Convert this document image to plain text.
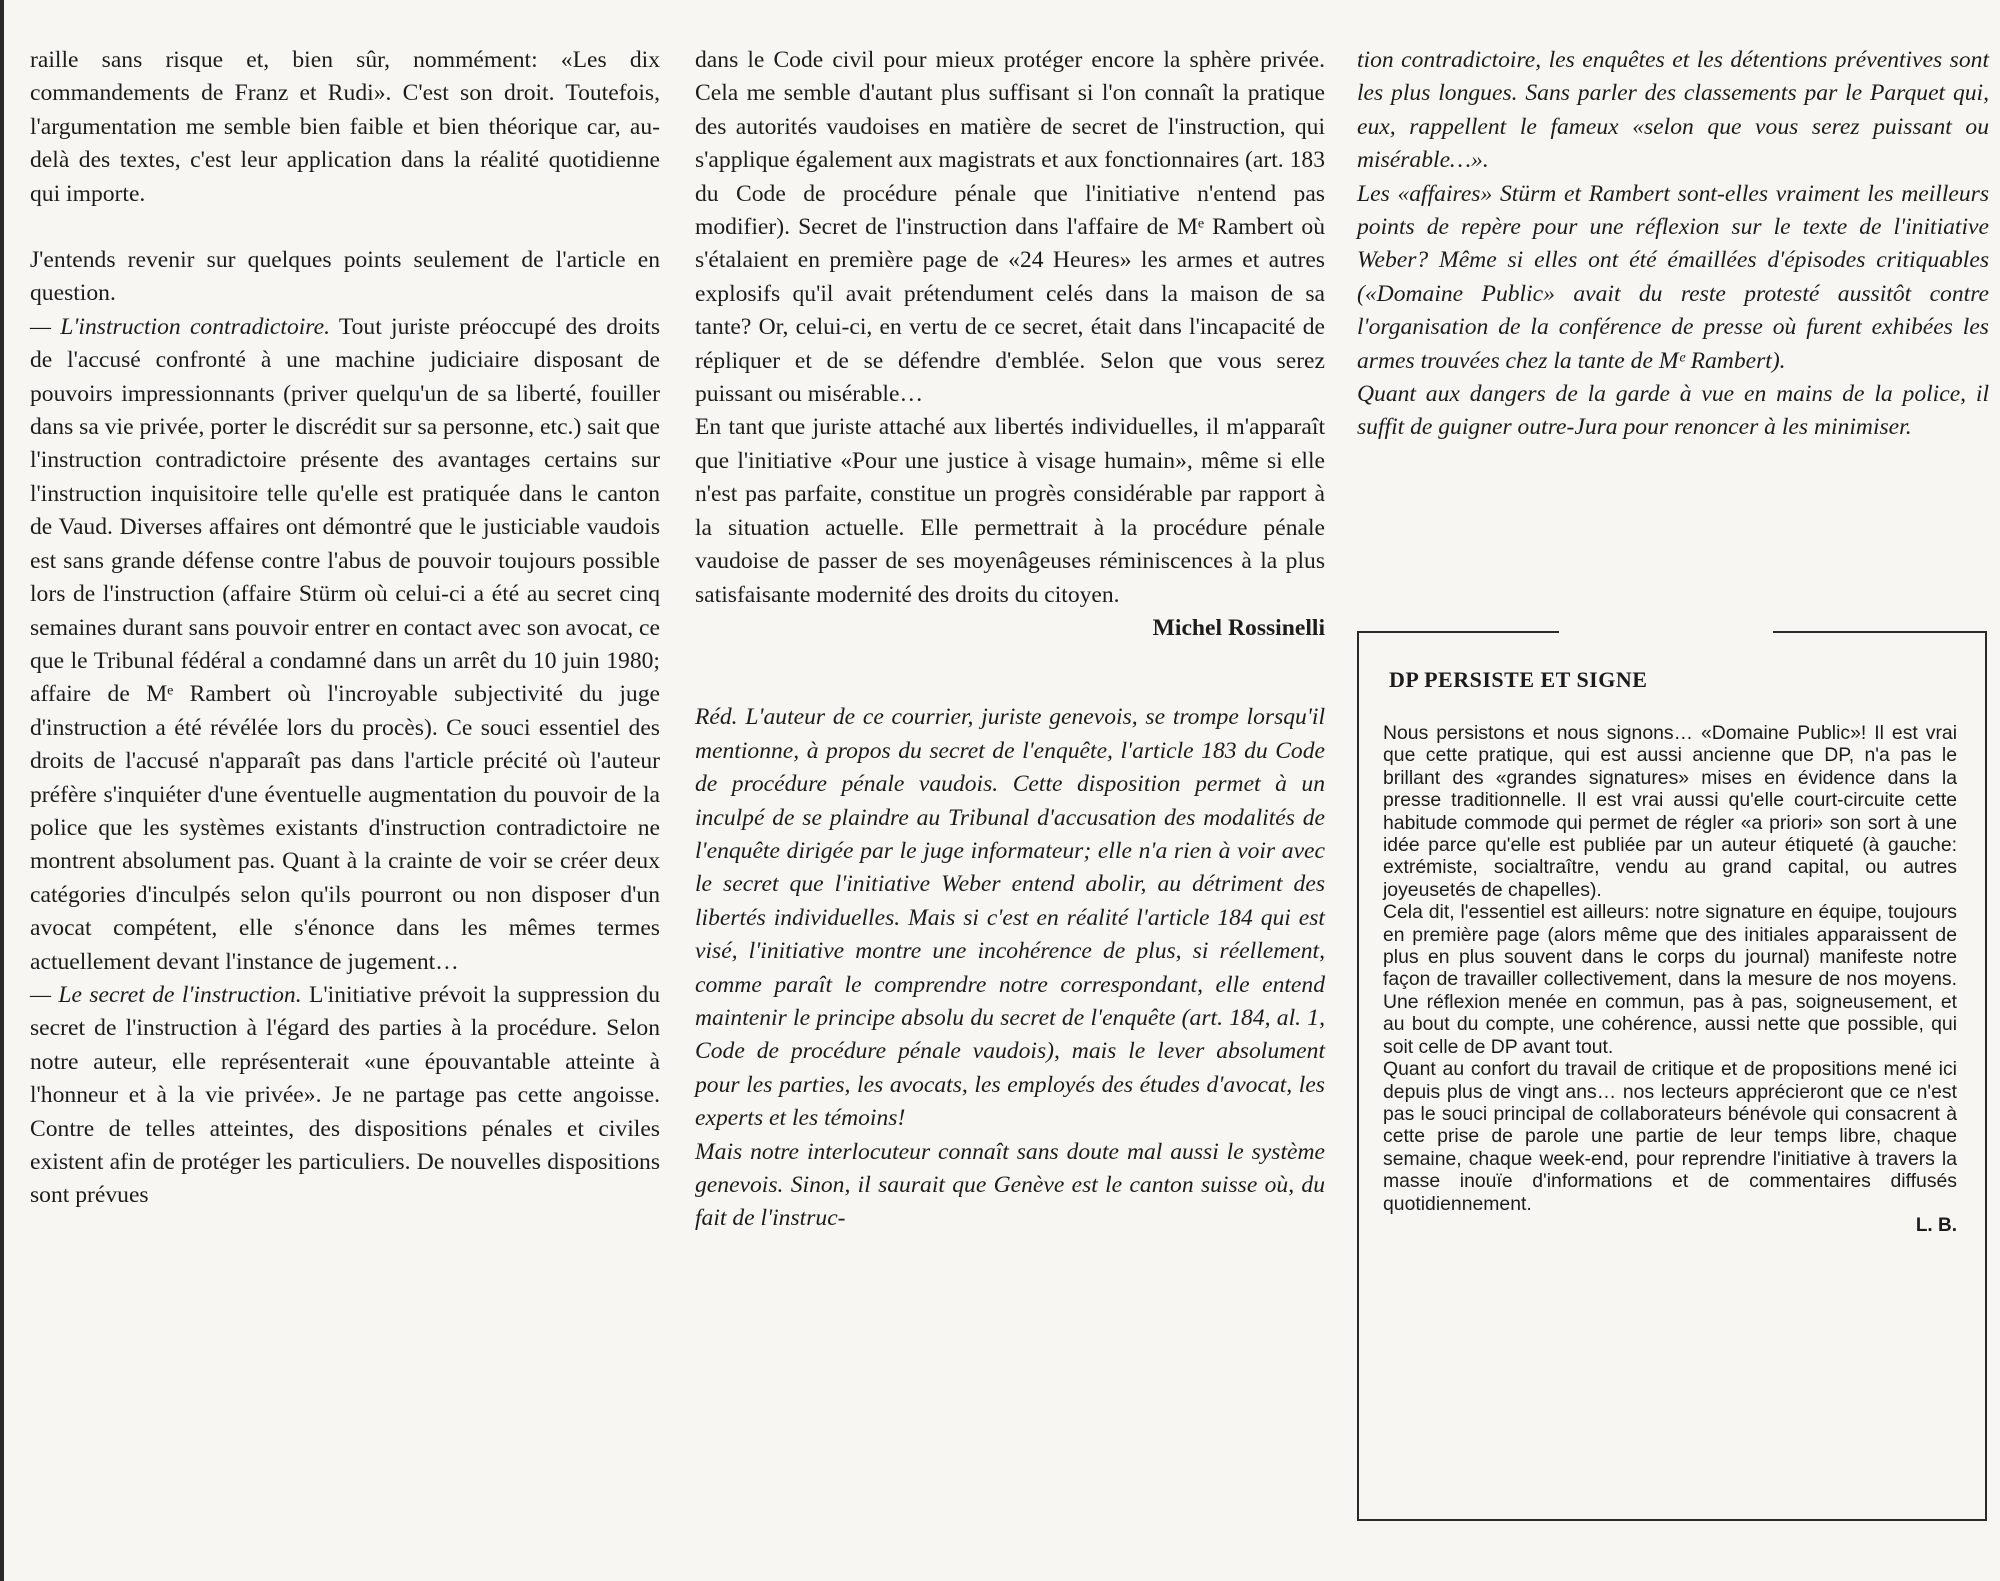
raille sans risque et, bien sûr, nommément: «Les dix commandements de Franz et Rudi». C'est son droit. Toutefois, l'argumentation me semble bien faible et bien théorique car, au-delà des textes, c'est leur application dans la réalité quotidienne qui importe.

J'entends revenir sur quelques points seulement de l'article en question.

— L'instruction contradictoire. Tout juriste préoccupé des droits de l'accusé confronté à une machine judiciaire disposant de pouvoirs impressionnants (priver quelqu'un de sa liberté, fouiller dans sa vie privée, porter le discrédit sur sa personne, etc.) sait que l'instruction contradictoire présente des avantages certains sur l'instruction inquisitoire telle qu'elle est pratiquée dans le canton de Vaud. Diverses affaires ont démontré que le justiciable vaudois est sans grande défense contre l'abus de pouvoir toujours possible lors de l'instruction (affaire Stürm où celui-ci a été au secret cinq semaines durant sans pouvoir entrer en contact avec son avocat, ce que le Tribunal fédéral a condamné dans un arrêt du 10 juin 1980; affaire de Mᵉ Rambert où l'incroyable subjectivité du juge d'instruction a été révélée lors du procès). Ce souci essentiel des droits de l'accusé n'apparaît pas dans l'article précité où l'auteur préfère s'inquiéter d'une éventuelle augmentation du pouvoir de la police que les systèmes existants d'instruction contradictoire ne montrent absolument pas. Quant à la crainte de voir se créer deux catégories d'inculpés selon qu'ils pourront ou non disposer d'un avocat compétent, elle s'énonce dans les mêmes termes actuellement devant l'instance de jugement…

— Le secret de l'instruction. L'initiative prévoit la suppression du secret de l'instruction à l'égard des parties à la procédure. Selon notre auteur, elle représenterait «une épouvantable atteinte à l'honneur et à la vie privée». Je ne partage pas cette angoisse. Contre de telles atteintes, des dispositions pénales et civiles existent afin de protéger les particuliers. De nouvelles dispositions sont prévues

dans le Code civil pour mieux protéger encore la sphère privée. Cela me semble d'autant plus suffisant si l'on connaît la pratique des autorités vaudoises en matière de secret de l'instruction, qui s'applique également aux magistrats et aux fonctionnaires (art. 183 du Code de procédure pénale que l'initiative n'entend pas modifier). Secret de l'instruction dans l'affaire de Mᵉ Rambert où s'étalaient en première page de «24 Heures» les armes et autres explosifs qu'il avait prétendument celés dans la maison de sa tante? Or, celui-ci, en vertu de ce secret, était dans l'incapacité de répliquer et de se défendre d'emblée. Selon que vous serez puissant ou misérable…

En tant que juriste attaché aux libertés individuelles, il m'apparaît que l'initiative «Pour une justice à visage humain», même si elle n'est pas parfaite, constitue un progrès considérable par rapport à la situation actuelle. Elle permettrait à la procédure pénale vaudoise de passer de ses moyenâgeuses réminiscences à la plus satisfaisante modernité des droits du citoyen.

Michel Rossinelli

Réd. L'auteur de ce courrier, juriste genevois, se trompe lorsqu'il mentionne, à propos du secret de l'enquête, l'article 183 du Code de procédure pénale vaudois. Cette disposition permet à un inculpé de se plaindre au Tribunal d'accusation des modalités de l'enquête dirigée par le juge informateur; elle n'a rien à voir avec le secret que l'initiative Weber entend abolir, au détriment des libertés individuelles. Mais si c'est en réalité l'article 184 qui est visé, l'initiative montre une incohérence de plus, si réellement, comme paraît le comprendre notre correspondant, elle entend maintenir le principe absolu du secret de l'enquête (art. 184, al. 1, Code de procédure pénale vaudois), mais le lever absolument pour les parties, les avocats, les employés des études d'avocat, les experts et les témoins!

Mais notre interlocuteur connaît sans doute mal aussi le système genevois. Sinon, il saurait que Genève est le canton suisse où, du fait de l'instruc-

tion contradictoire, les enquêtes et les détentions préventives sont les plus longues. Sans parler des classements par le Parquet qui, eux, rappellent le fameux «selon que vous serez puissant ou misérable…».

Les «affaires» Stürm et Rambert sont-elles vraiment les meilleurs points de repère pour une réflexion sur le texte de l'initiative Weber? Même si elles ont été émaillées d'épisodes critiquables («Domaine Public» avait du reste protesté aussitôt contre l'organisation de la conférence de presse où furent exhibées les armes trouvées chez la tante de Mᵉ Rambert).

Quant aux dangers de la garde à vue en mains de la police, il suffit de guigner outre-Jura pour renoncer à les minimiser.

DP PERSISTE ET SIGNE

Nous persistons et nous signons… «Domaine Public»! Il est vrai que cette pratique, qui est aussi ancienne que DP, n'a pas le brillant des «grandes signatures» mises en évidence dans la presse traditionnelle. Il est vrai aussi qu'elle court-circuite cette habitude commode qui permet de régler «a priori» son sort à une idée parce qu'elle est publiée par un auteur étiqueté (à gauche: extrémiste, socialtraître, vendu au grand capital, ou autres joyeusetés de chapelles).

Cela dit, l'essentiel est ailleurs: notre signature en équipe, toujours en première page (alors même que des initiales apparaissent de plus en plus souvent dans le corps du journal) manifeste notre façon de travailler collectivement, dans la mesure de nos moyens. Une réflexion menée en commun, pas à pas, soigneusement, et au bout du compte, une cohérence, aussi nette que possible, qui soit celle de DP avant tout.

Quant au confort du travail de critique et de propositions mené ici depuis plus de vingt ans… nos lecteurs apprécieront que ce n'est pas le souci principal de collaborateurs bénévole qui consacrent à cette prise de parole une partie de leur temps libre, chaque semaine, chaque week-end, pour reprendre l'initiative à travers la masse inouïe d'informations et de commentaires diffusés quotidiennement.

L. B.
